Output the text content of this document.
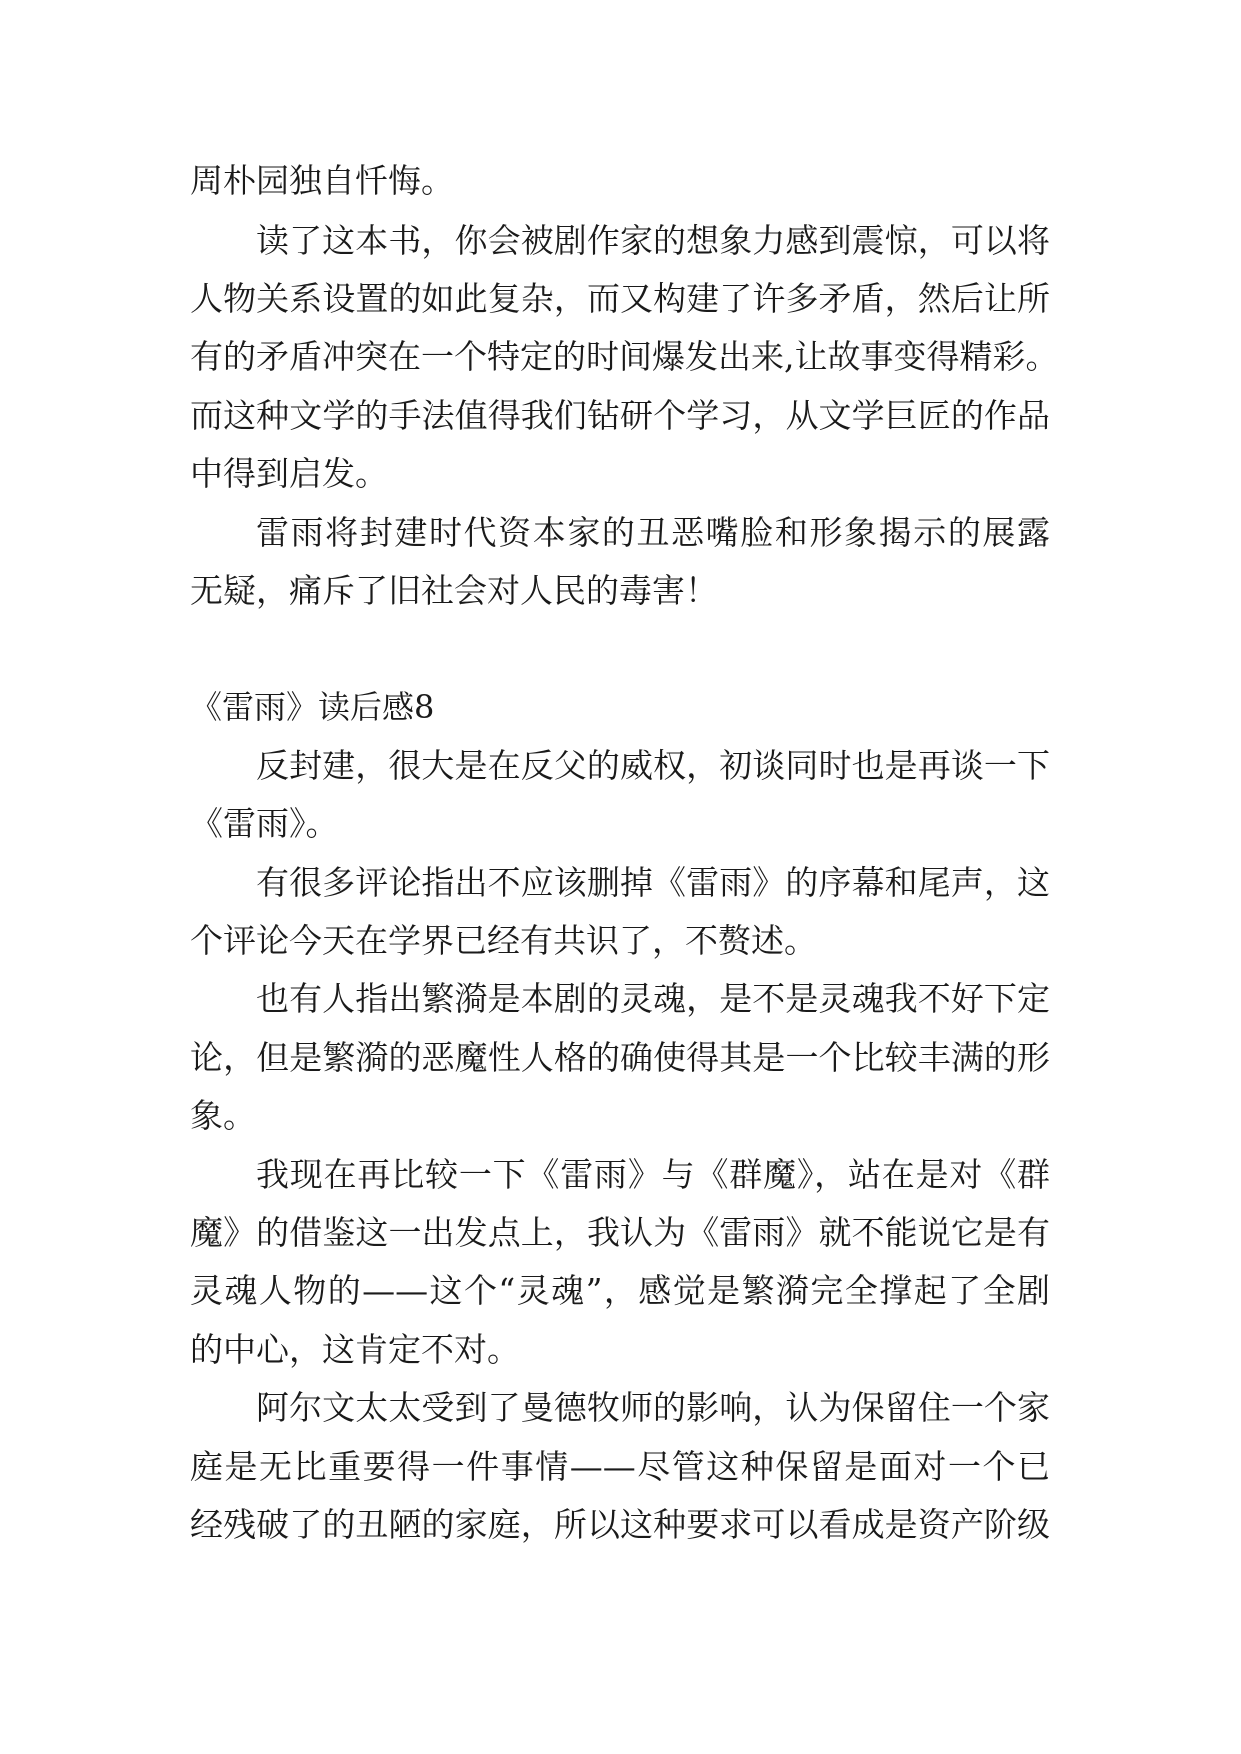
周朴园独自忏悔。
读了这本书，你会被剧作家的想象力感到震惊，可以将
人物关系设置的如此复杂，而又构建了许多矛盾，然后让所
有的矛盾冲突在一个特定的时间爆发出来,让故事变得精彩。
而这种文学的手法值得我们钻研个学习，从文学巨匠的作品
中得到启发。
雷雨将封建时代资本家的丑恶嘴脸和形象揭示的展露
无疑，痛斥了旧社会对人民的毒害！
《雷雨》读后感8
反封建，很大是在反父的威权，初谈同时也是再谈一下
《雷雨》。
有很多评论指出不应该删掉《雷雨》的序幕和尾声，这
个评论今天在学界已经有共识了，不赘述。
也有人指出繁漪是本剧的灵魂，是不是灵魂我不好下定
论，但是繁漪的恶魔性人格的确使得其是一个比较丰满的形
象。
我现在再比较一下《雷雨》与《群魔》，站在是对《群
魔》的借鉴这一出发点上，我认为《雷雨》就不能说它是有
灵魂人物的——这个“灵魂”，感觉是繁漪完全撑起了全剧
的中心，这肯定不对。
阿尔文太太受到了曼德牧师的影响，认为保留住一个家
庭是无比重要得一件事情——尽管这种保留是面对一个已
经残破了的丑陋的家庭，所以这种要求可以看成是资产阶级
